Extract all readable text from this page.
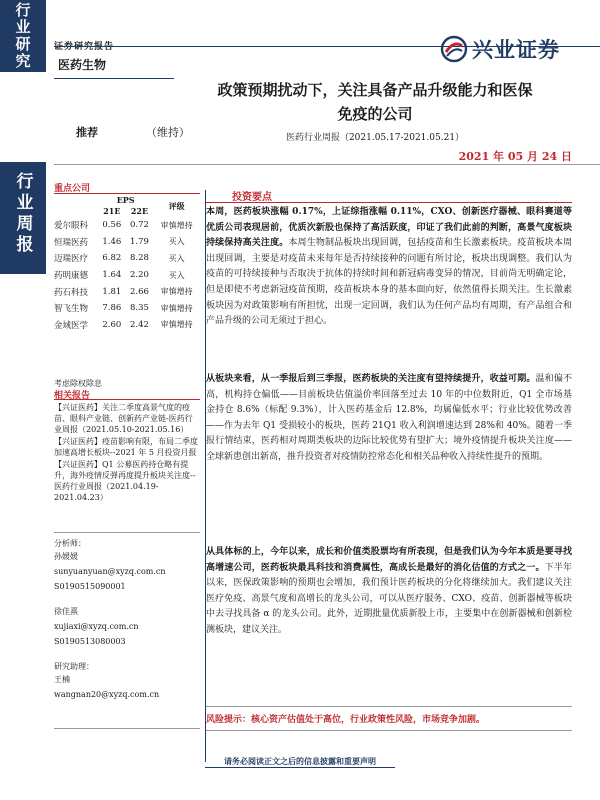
行业研究
行业周报
证券研究报告
医药生物
兴业证券
政策预期扰动下，关注具备产品升级能力和医保
免疫的公司
医药行业周报（2021.05.17-2021.05.21）
2021 年 05 月 24 日
推荐	（维持）
重点公司
	EPS		评级
	21E	22E	
爱尔眼科	0.56	0.72	审慎增持
恒瑞医药	1.46	1.79	买入
迈瑞医疗	6.82	8.28	买入
药明康德	1.64	2.20	买入
药石科技	1.81	2.66	审慎增持
智飞生物	7.86	8.35	审慎增持
金域医学	2.60	2.42	审慎增持
考虑除权除息
相关报告

【兴证医药】关注二季度高景气度的疫苗、眼科产业链、创新药产业链-医药行业周报（2021.05.10-2021.05.16）

【兴证医药】疫苗影响有限，布局二季度加速高增长板块--2021 年 5 月投资月报

【兴证医药】Q1 公募医药持仓略有提升，海外疫情反弹再度提升板块关注度--医药行业周报（2021.04.19-2021.04.23）

分析师：
孙媛媛
sunyuanyuan@xyzq.com.cn
S0190515090001
徐佳熹
xujiaxi@xyzq.com.cn
S0190513080003
研究助理：
王楠
wangnan20@xyzq.com.cn
投资要点
本周，医药板块涨幅 0.17%，上证综指涨幅 0.11%，CXO、创新医疗器械、眼科赛道等优质公司表现居前，优质次新股也保持了高活跃度，印证了我们此前的判断，高景气度板块持续保持高关注度。本周生物制品板块出现回调，包括疫苗和生长激素板块。疫苗板块本周出现回调，主要是对疫苗未来每年是否持续接种的问题有所讨论，板块出现调整。我们认为疫苗的可持续接种与否取决于抗体的持续时间和新冠病毒变异的情况，目前尚无明确定论，但是即使不考虑新冠疫苗预期，疫苗板块本身的基本面向好，依然值得长期关注。生长激素板块因为对政策影响有所担忧，出现一定回调，我们认为任何产品均有周期，有产品组合和产品升级的公司无须过于担心。
从板块来看，从一季报后到三季报，医药板块的关注度有望持续提升，收益可期。温和偏不高，机构持仓偏低——目前板块估值溢价率回落至过去 10 年的中位数附近，Q1 全市场基金持仓 8.6%（标配 9.3%），计入医药基金后 12.8%，均属偏低水平；行业比较优势改善——作为去年 Q1 受损较小的板块，医药 21Q1 收入利润增速达到 28%和 40%。随着一季报行情结束，医药相对周期类板块的边际比较优势有望扩大；境外疫情提升板块关注度——全球新患创出新高，推升投资者对疫情防控常态化和相关品种收入持续性提升的预期。
从具体标的上，今年以来，成长和价值类股票均有所表现，但是我们认为今年本质是要寻找高增速公司，医药板块最具科技和消费属性，高成长是最好的消化估值的方式之一。下半年以来，医保政策影响的预期也会增加，我们预计医药板块的分化将继续加大。我们建议关注医疗免疫、高景气度和高增长的龙头公司，可以从医疗服务、CXO、疫苗、创新器械等板块中去寻找具备 α 的龙头公司。此外，近期批量优质新股上市，主要集中在创新器械和创新检测板块，建议关注。
风险提示：核心资产估值处于高位，行业政策性风险，市场竞争加剧。
请务必阅读正文之后的信息披露和重要声明
